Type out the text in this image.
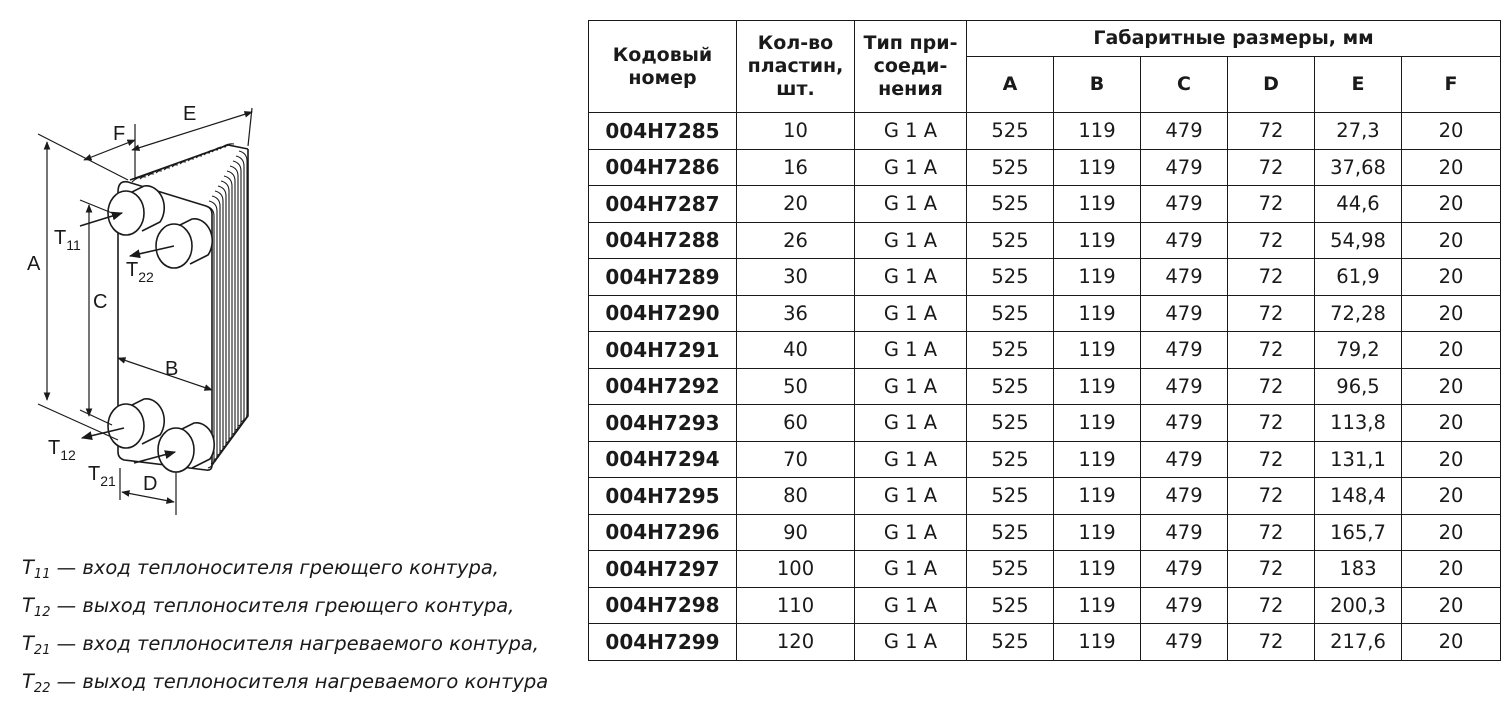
A
C
E
F
B
D
$T_{11}$
$T_{22}$
$T_{12}$
$T_{21}$
$T_{11}$ — вход теплоносителя греющего контура,
$T_{12}$ — выход теплоносителя греющего контура,
$T_{21}$ — вход теплоносителя нагреваемого контура,
$T_{22}$ — выход теплоносителя нагреваемого контура
Кодовый номер	Кол-во пластин, шт.	Тип при-соеди-нения	Габаритные размеры, мм					
			A	B	C	D	E	F
004H7285	10	G 1 A	525	119	479	72	27,3	20
004H7286	16	G 1 A	525	119	479	72	37,68	20
004H7287	20	G 1 A	525	119	479	72	44,6	20
004H7288	26	G 1 A	525	119	479	72	54,98	20
004H7289	30	G 1 A	525	119	479	72	61,9	20
004H7290	36	G 1 A	525	119	479	72	72,28	20
004H7291	40	G 1 A	525	119	479	72	79,2	20
004H7292	50	G 1 A	525	119	479	72	96,5	20
004H7293	60	G 1 A	525	119	479	72	113,8	20
004H7294	70	G 1 A	525	119	479	72	131,1	20
004H7295	80	G 1 A	525	119	479	72	148,4	20
004H7296	90	G 1 A	525	119	479	72	165,7	20
004H7297	100	G 1 A	525	119	479	72	183	20
004H7298	110	G 1 A	525	119	479	72	200,3	20
004H7299	120	G 1 A	525	119	479	72	217,6	20
